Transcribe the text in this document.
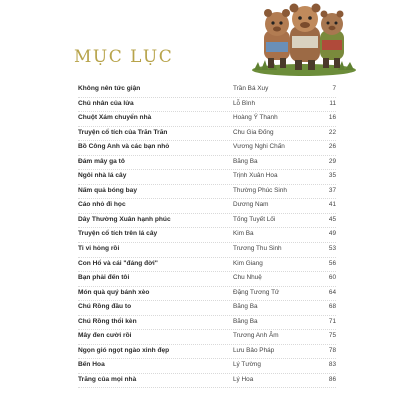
MỤC LỤC
Không nên tức giận	Trần Bá Xuy	7
Chủ nhân của lửa	Lỗ Bình	11
Chuột Xám chuyển nhà	Hoàng Ý Thanh	16
Truyện cổ tích của Trăn Trăn	Chu Gia Đống	22
Bồ Công Anh và các bạn nhỏ	Vương Nghi Chấn	26
Đám mây ga tô	Băng Ba	29
Ngôi nhà lá cây	Trịnh Xuân Hoa	35
Nấm quả bóng bay	Thường Phúc Sinh	37
Cáo nhỏ đi học	Dương Nam	41
Dây Thường Xuân hạnh phúc	Tống Tuyết Lối	45
Truyện cổ tích trên lá cây	Kim Ba	49
Ti vi hỏng rồi	Trương Thu Sinh	53
Con Hổ và cái "đáng đời"	Kim Giang	56
Bạn phải đến tôi	Chu Nhuệ	60
Món quà quý bánh xèo	Đặng Tương Tử	64
Chú Rồng đầu to	Băng Ba	68
Chú Rồng thổi kèn	Băng Ba	71
Mây đen cười rồi	Trương Anh Âm	75
Ngọn gió ngọt ngào xinh đẹp	Lưu Bảo Pháp	78
Bến Hoa	Lý Tường	83
Trăng của mọi nhà	Lý Hoa	86
